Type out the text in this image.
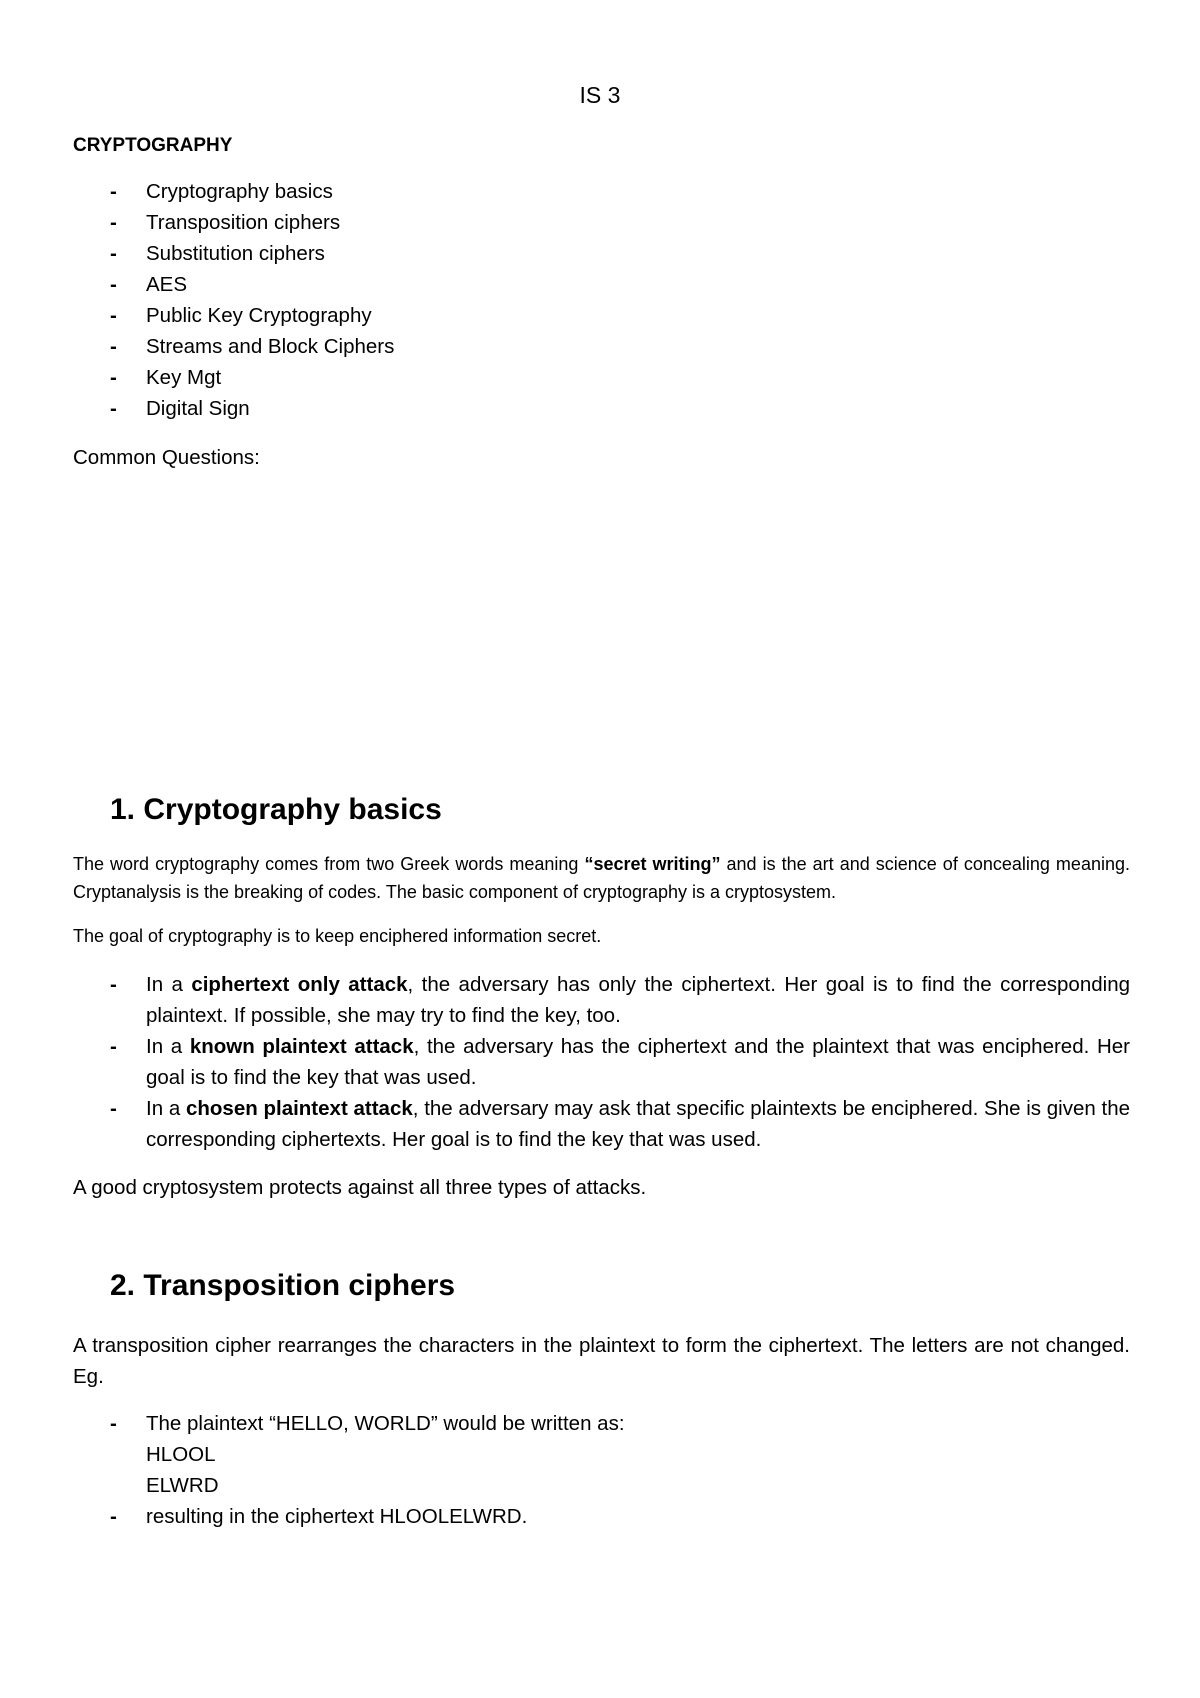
IS 3
CRYPTOGRAPHY
- Cryptography basics
- Transposition ciphers
- Substitution ciphers
- AES
- Public Key Cryptography
- Streams and Block Ciphers
- Key Mgt
- Digital Sign
Common Questions:
1. Cryptography basics

The word cryptography comes from two Greek words meaning “secret writing” and is the art and science of concealing meaning. Cryptanalysis is the breaking of codes. The basic component of cryptography is a cryptosystem.

The goal of cryptography is to keep enciphered information secret.

- In a ciphertext only attack, the adversary has only the ciphertext. Her goal is to find the corresponding plaintext. If possible, she may try to find the key, too.
- In a known plaintext attack, the adversary has the ciphertext and the plaintext that was enciphered. Her goal is to find the key that was used.
- In a chosen plaintext attack, the adversary may ask that specific plaintexts be enciphered. She is given the corresponding ciphertexts. Her goal is to find the key that was used.
A good cryptosystem protects against all three types of attacks.
2. Transposition ciphers

A transposition cipher rearranges the characters in the plaintext to form the ciphertext. The letters are not changed. Eg.

- The plaintext “HELLO, WORLD” would be written as:
HLOOL
ELWRD
- resulting in the ciphertext HLOOLELWRD.
